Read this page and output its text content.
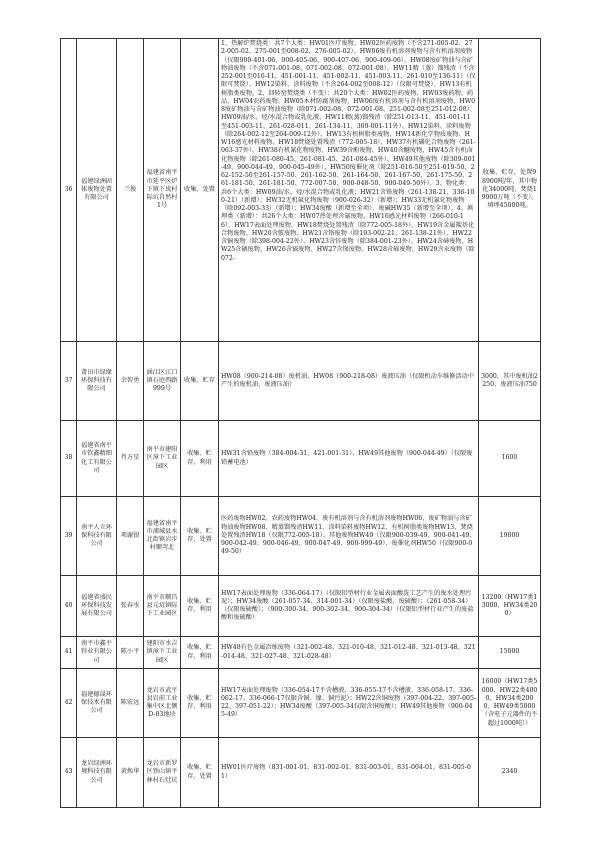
36	福建绿洲固体废物处置有限公司	兰俊	福建省南平市延平区炉下镇下岚村际坑自然村1号	收集、处置	1、热解炉焚烧类：共7个大类：HW01医疗废物、HW02医药废物（不含271-005-02、272-005-02、275-001至008-02、276-005-02）、HW06废有机溶剂废物与含有机溶剂废物（仅限900-401-06、900-405-06、900-407-06、900-409-06）、HW08废矿物油与含矿物油废物（不含071-001-08、071-002-08、072-001-08）、HW11精（蒸）馏残渣（不含252-001至016-11、451-001-11、451-002-11、451-003-11、261-010至136-11）（仅限可焚烧）、HW12染料、涂料废物（不含264-002至008-12）（仅限可焚烧）、HW13有机树脂类废物。2、回转窑焚烧类（不变）：共20个大类：HW02医药废物、HW03废药物、药品、HW04农药废物、HW05木材防腐剂废物、HW06废有机溶剂与含有机溶剂废物、HW08废矿物油与含矿物油废物（除071-002-08、072-001-08、251-002-08至251-012-08）、HW09油/水、烃/水混合物或乳化液、HW11精(蒸)馏残渣（除251-013-11、451-001-11至451-003-11、261-028-011、261-134-11、309-001-11外）、HW12染料、涂料废物（除264-002-12至264-009-12外）、HW13有机树脂类废物、HW14新化学物质废物、HW16感光材料废物、HW18焚烧处置残渣（772-005-18）、HW37有机磷化合物废物（261-063-37外）、HW38有机氰化物废物、HW39含酚废物、HW40含醚废物、HW45含有机卤化物废物（除261-080-45、261-081-45、261-084-45外）、HW49其他废物（除309-001-49、900-044-49、900-045-49外）、HW50废催化剂（除251-016-50至251-019-50、262-152-50至261-157-50、261-162-50、261-164-50、261-167-50、261-175-50、261-181-50、261-181-50、772-007-50、900-048-50、900-049-50外）。3、物化类：共6个大类：HW09油/水、烃/水混合物或乳化液；HW21含铬废物（261-138-21、336-100-21）（新增）；HW32无机氟化物废物（900-026-32）（新增）；HW33无机氰化物废物（除092-003-33）（新增）；HW34废酸（新增至全项）、废碱HW35（新增至全项）。4、填埋类（新增）：共26个大类：HW07热处理含氰废物、HW16感光材料废物（266-010-16）、HW17表面处理废物、HW18焚烧处置残渣（除772-005-18外）、HW19含金属羰基化合物废物、HW20含铍废物、HW21含铬废物（除193-002-21、261-138-21外）、HW22含铜废物（除398-004-22外）、HW23含锌废物（除384-001-23外）、HW24含砷废物、HW25含硒废物、HW26含镉废物、HW27含锑废物、HW28含碲废物、HW29含汞废物（除072-	收集、贮存，处置98900吨/年，其中物化34000吨，焚烧19900万吨（不变），填埋45000吨。
37	莆田市绿缘环保科技有限公司	余智勇	涵江区江口镇石庭西路999号	收集、贮存	HW08（900-214-08）废机油、HW08（900-218-08）废液压油（仅限机动车维修活动中产生的废机油、废液压油）	3000，其中废机油2250、废液压油750
38	福建省南平市钦鑫精细化工有限公司	肖方星	南平市建阳区漳下工业园区	收集、贮存、利用	HW31含铅废物（384-004-31、421-001-31）、HW49其他废物（900-044-49）（仅限废铅蓄电池）	1600
39	南平人立环保科技有限公司	项谢银	福建省南平市浦城县水北街镇岩步村顺弯北	收集、贮存、处置	医药废物HW02、农药废物HW04、废有机溶剂与含有机溶剂废物HW06、废矿物油与含矿物油废物HW08、精蒸馏残渣HW11、涂料染料废物HW12、有机树脂类废物HW13、焚烧处置残渣HW18（仅限772-005-18）、其他废物HW49（仅限900-039-49、900-041-49、900-042-49、900-046-49、900-047-49、900-999-49）、废催化剂HW50（仅限900-049-50）	19800
40	福建省盛民环保科技发展有限公司	张春水	南平市顺昌县元坑镇际下工业园区	收集、贮存、利用	HW17表面处理废物（336-064-17）（仅限铝型材行业金属表面酸洗工艺产生的废水处理污泥）；HW34废酸（261-057-34、314-001-34）（仅限废盐酸、废硫酸）；（261-058-34）（仅限废硫酸）；（900-300-34、900-302-34、900-304-34）（仅限铝型材行业产生的废盐酸和废硫酸）	13200（HW17类13000、HW34类200）
41	南平市鑫平锌业有限公司	陈小平	建阳市水吉镇漳下工业园区	收集、贮存、利用	HW48有色金属冶炼废物（321-002-48、321-010-48、321-012-48、321-013-48、321-014-48、321-027-48、321-028-48）	15000
42	福建德晟环保技术有限公司	陈宏远	龙岩市武平县岩前工业集中区北侧D-03地块	收集、贮存、利用	HW17表面处理废物（336-054-17不含槽液、336-055-17不含槽液、336-058-17、336-062-17、336-066-17仅限含铜、镍、铜污泥）；HW22含铜废物（397-004-22、397-005-22、397-051-22）；HW34废酸（397-005-34仅限含铜废酸）；HW49其他废物（900-045-49）	16000（HW17类5000、HW22类4000、HW34类2000、HW49类5000（含电子元器件的不超过1000吨））
43	龙岩绿洲环境科技有限公司	黄焕华	龙岩市新罗区铁山镇平林村石灶坑	收集、贮存、处置	HW01医疗废物（831-001-01、831-002-01、831-003-01、831-004-01、831-005-01）	2340
